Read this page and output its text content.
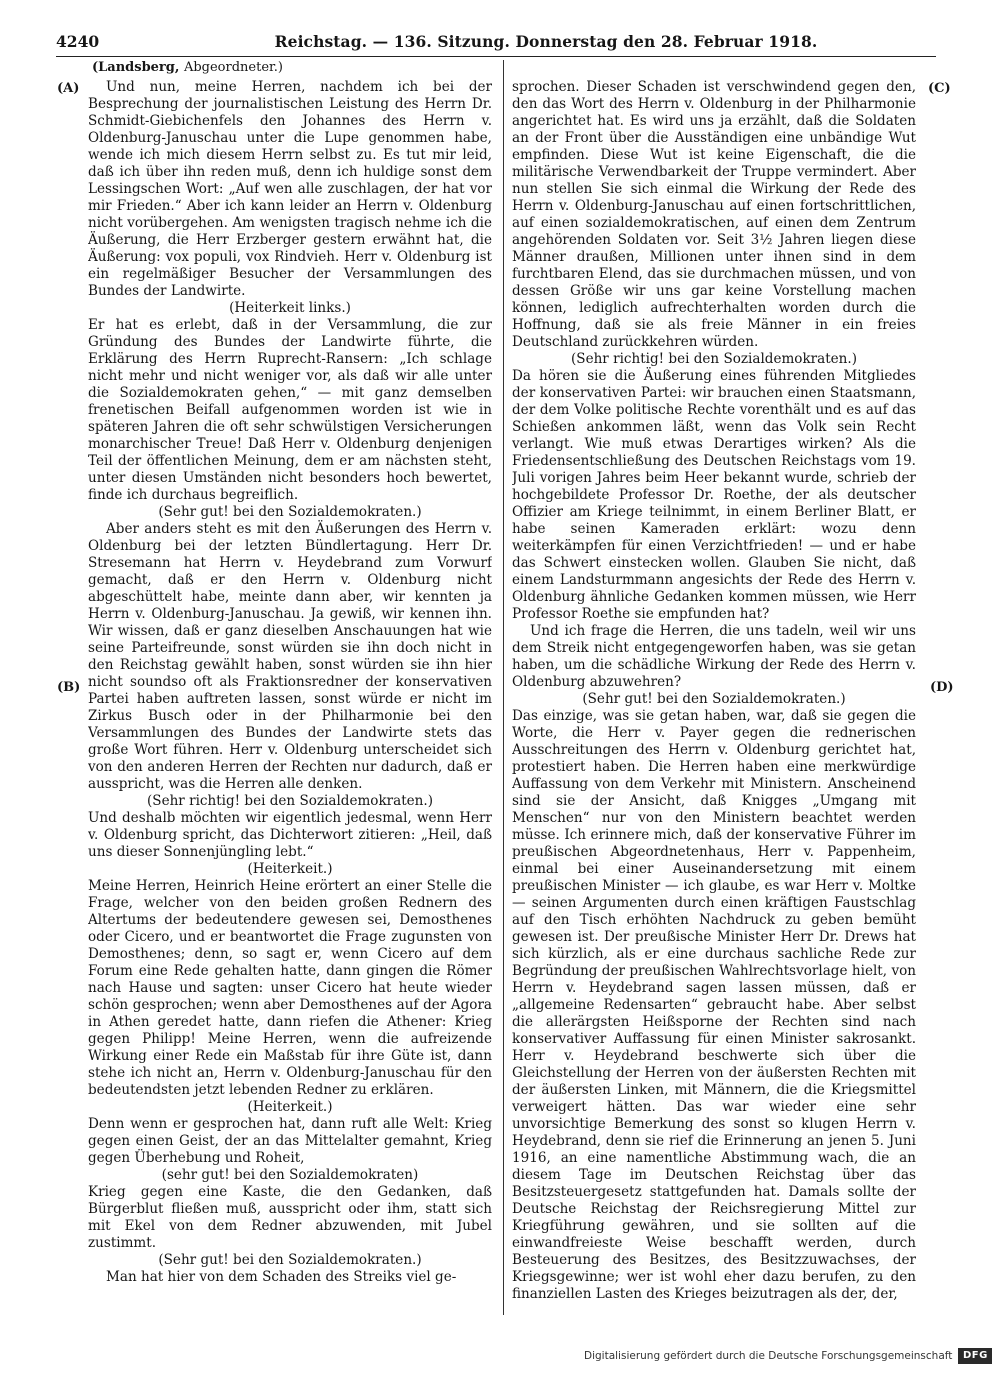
4240	Reichstag. — 136. Sitzung. Donnerstag den 28. Februar 1918.
(Landsberg, Abgeordneter.)
(A)
(B)
(C)
(D)

Und nun, meine Herren, nachdem ich bei der Besprechung der journalistischen Leistung des Herrn Dr. Schmidt-Giebichenfels den Johannes des Herrn v. Oldenburg-Januschau unter die Lupe genommen habe, wende ich mich diesem Herrn selbst zu. Es tut mir leid, daß ich über ihn reden muß, denn ich huldige sonst dem Lessingschen Wort: „Auf wen alle zuschlagen, der hat vor mir Frieden.“ Aber ich kann leider an Herrn v. Oldenburg nicht vorübergehen. Am wenigsten tragisch nehme ich die Äußerung, die Herr Erzberger gestern erwähnt hat, die Äußerung: vox populi, vox Rindvieh. Herr v. Oldenburg ist ein regelmäßiger Besucher der Versammlungen des Bundes der Landwirte.

(Heiterkeit links.)

Er hat es erlebt, daß in der Versammlung, die zur Gründung des Bundes der Landwirte führte, die Erklärung des Herrn Ruprecht-Ransern: „Ich schlage nicht mehr und nicht weniger vor, als daß wir alle unter die Sozialdemokraten gehen,“ — mit ganz demselben frenetischen Beifall aufgenommen worden ist wie in späteren Jahren die oft sehr schwülstigen Versicherungen monarchischer Treue! Daß Herr v. Oldenburg denjenigen Teil der öffentlichen Meinung, dem er am nächsten steht, unter diesen Umständen nicht besonders hoch bewertet, finde ich durchaus begreiflich.

(Sehr gut! bei den Sozialdemokraten.)

Aber anders steht es mit den Äußerungen des Herrn v. Oldenburg bei der letzten Bündlertagung. Herr Dr. Stresemann hat Herrn v. Heydebrand zum Vorwurf gemacht, daß er den Herrn v. Oldenburg nicht abgeschüttelt habe, meinte dann aber, wir kennten ja Herrn v. Oldenburg-Januschau. Ja gewiß, wir kennen ihn. Wir wissen, daß er ganz dieselben Anschauungen hat wie seine Parteifreunde, sonst würden sie ihn doch nicht in den Reichstag gewählt haben, sonst würden sie ihn hier nicht soundso oft als Fraktionsredner der konservativen Partei haben auftreten lassen, sonst würde er nicht im Zirkus Busch oder in der Philharmonie bei den Versammlungen des Bundes der Landwirte stets das große Wort führen. Herr v. Oldenburg unterscheidet sich von den anderen Herren der Rechten nur dadurch, daß er ausspricht, was die Herren alle denken.

(Sehr richtig! bei den Sozialdemokraten.)

Und deshalb möchten wir eigentlich jedesmal, wenn Herr v. Oldenburg spricht, das Dichterwort zitieren: „Heil, daß uns dieser Sonnenjüngling lebt.“

(Heiterkeit.)

Meine Herren, Heinrich Heine erörtert an einer Stelle die Frage, welcher von den beiden großen Rednern des Altertums der bedeutendere gewesen sei, Demosthenes oder Cicero, und er beantwortet die Frage zugunsten von Demosthenes; denn, so sagt er, wenn Cicero auf dem Forum eine Rede gehalten hatte, dann gingen die Römer nach Hause und sagten: unser Cicero hat heute wieder schön gesprochen; wenn aber Demosthenes auf der Agora in Athen geredet hatte, dann riefen die Athener: Krieg gegen Philipp! Meine Herren, wenn die aufreizende Wirkung einer Rede ein Maßstab für ihre Güte ist, dann stehe ich nicht an, Herrn v. Oldenburg-Januschau für den bedeutendsten jetzt lebenden Redner zu erklären.

(Heiterkeit.)

Denn wenn er gesprochen hat, dann ruft alle Welt: Krieg gegen einen Geist, der an das Mittelalter gemahnt, Krieg gegen Überhebung und Roheit,

(sehr gut! bei den Sozialdemokraten)

Krieg gegen eine Kaste, die den Gedanken, daß Bürgerblut fließen muß, ausspricht oder ihm, statt sich mit Ekel von dem Redner abzuwenden, mit Jubel zustimmt.

(Sehr gut! bei den Sozialdemokraten.)

Man hat hier von dem Schaden des Streiks viel ge-

sprochen. Dieser Schaden ist verschwindend gegen den, den das Wort des Herrn v. Oldenburg in der Philharmonie angerichtet hat. Es wird uns ja erzählt, daß die Soldaten an der Front über die Ausständigen eine unbändige Wut empfinden. Diese Wut ist keine Eigenschaft, die die militärische Verwendbarkeit der Truppe vermindert. Aber nun stellen Sie sich einmal die Wirkung der Rede des Herrn v. Oldenburg-Januschau auf einen fortschrittlichen, auf einen sozialdemokratischen, auf einen dem Zentrum angehörenden Soldaten vor. Seit 3½ Jahren liegen diese Männer draußen, Millionen unter ihnen sind in dem furchtbaren Elend, das sie durchmachen müssen, und von dessen Größe wir uns gar keine Vorstellung machen können, lediglich aufrechterhalten worden durch die Hoffnung, daß sie als freie Männer in ein freies Deutschland zurückkehren würden.

(Sehr richtig! bei den Sozialdemokraten.)

Da hören sie die Äußerung eines führenden Mitgliedes der konservativen Partei: wir brauchen einen Staatsmann, der dem Volke politische Rechte vorenthält und es auf das Schießen ankommen läßt, wenn das Volk sein Recht verlangt. Wie muß etwas Derartiges wirken? Als die Friedensentschließung des Deutschen Reichstags vom 19. Juli vorigen Jahres beim Heer bekannt wurde, schrieb der hochgebildete Professor Dr. Roethe, der als deutscher Offizier am Kriege teilnimmt, in einem Berliner Blatt, er habe seinen Kameraden erklärt: wozu denn weiterkämpfen für einen Verzichtfrieden! — und er habe das Schwert einstecken wollen. Glauben Sie nicht, daß einem Landsturmmann angesichts der Rede des Herrn v. Oldenburg ähnliche Gedanken kommen müssen, wie Herr Professor Roethe sie empfunden hat?

Und ich frage die Herren, die uns tadeln, weil wir uns dem Streik nicht entgegengeworfen haben, was sie getan haben, um die schädliche Wirkung der Rede des Herrn v. Oldenburg abzuwehren?

(Sehr gut! bei den Sozialdemokraten.)

Das einzige, was sie getan haben, war, daß sie gegen die Worte, die Herr v. Payer gegen die rednerischen Ausschreitungen des Herrn v. Oldenburg gerichtet hat, protestiert haben. Die Herren haben eine merkwürdige Auffassung von dem Verkehr mit Ministern. Anscheinend sind sie der Ansicht, daß Knigges „Umgang mit Menschen“ nur von den Ministern beachtet werden müsse. Ich erinnere mich, daß der konservative Führer im preußischen Abgeordnetenhaus, Herr v. Pappenheim, einmal bei einer Auseinandersetzung mit einem preußischen Minister — ich glaube, es war Herr v. Moltke — seinen Argumenten durch einen kräftigen Faustschlag auf den Tisch erhöhten Nachdruck zu geben bemüht gewesen ist. Der preußische Minister Herr Dr. Drews hat sich kürzlich, als er eine durchaus sachliche Rede zur Begründung der preußischen Wahlrechtsvorlage hielt, von Herrn v. Heydebrand sagen lassen müssen, daß er „allgemeine Redensarten“ gebraucht habe. Aber selbst die allerärgsten Heißsporne der Rechten sind nach konservativer Auffassung für einen Minister sakrosankt. Herr v. Heydebrand beschwerte sich über die Gleichstellung der Herren von der äußersten Rechten mit der äußersten Linken, mit Männern, die die Kriegsmittel verweigert hätten. Das war wieder eine sehr unvorsichtige Bemerkung des sonst so klugen Herrn v. Heydebrand, denn sie rief die Erinnerung an jenen 5. Juni 1916, an eine namentliche Abstimmung wach, die an diesem Tage im Deutschen Reichstag über das Besitzsteuergesetz stattgefunden hat. Damals sollte der Deutsche Reichstag der Reichsregierung Mittel zur Kriegführung gewähren, und sie sollten auf die einwandfreieste Weise beschafft werden, durch Besteuerung des Besitzes, des Besitzzuwachses, der Kriegsgewinne; wer ist wohl eher dazu berufen, zu den finanziellen Lasten des Krieges beizutragen als der, der,

Digitalisierung gefördert durch die Deutsche Forschungsgemeinschaft	DFG
